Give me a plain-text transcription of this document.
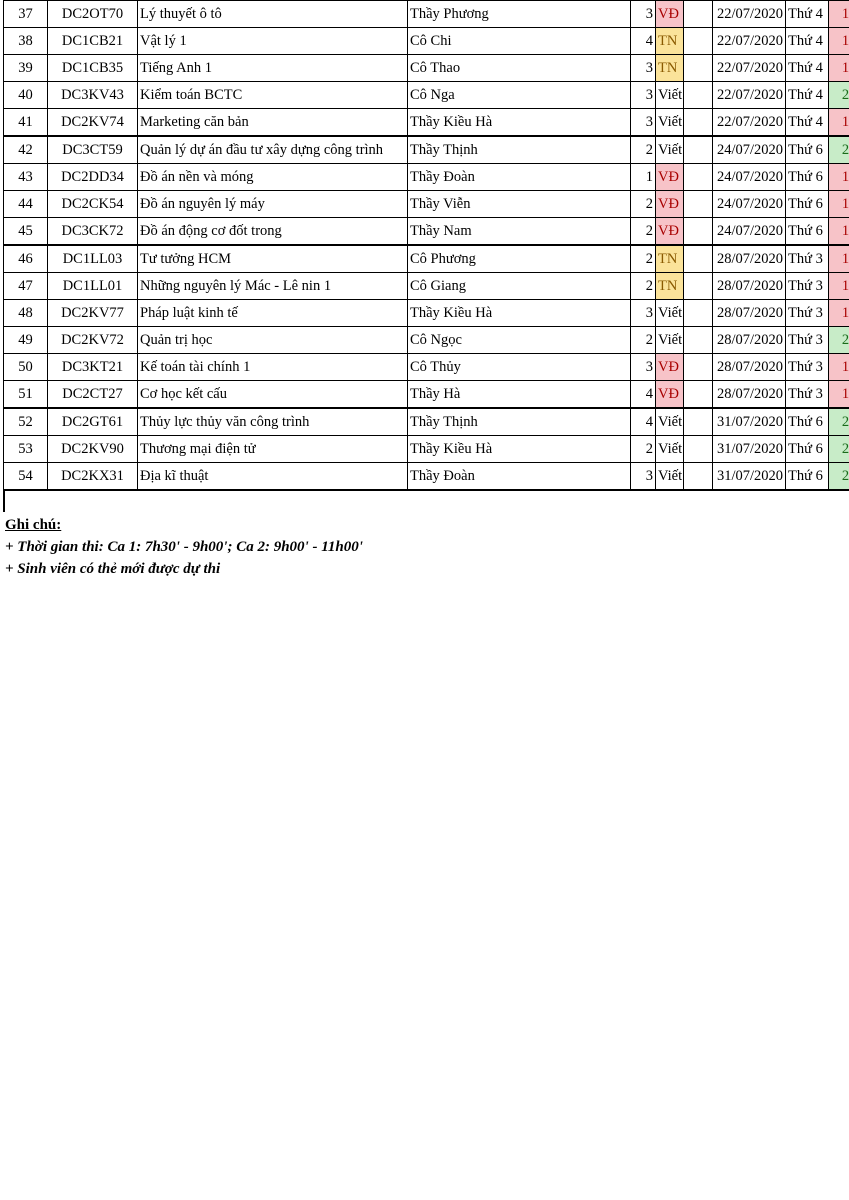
37	DC2OT70	Lý thuyết ô tô	Thầy Phương	3	VĐ		22/07/2020	Thứ 4	1
38	DC1CB21	Vật lý 1	Cô Chi	4	TN		22/07/2020	Thứ 4	1
39	DC1CB35	Tiếng Anh 1	Cô Thao	3	TN		22/07/2020	Thứ 4	1
40	DC3KV43	Kiểm toán BCTC	Cô Nga	3	Viết		22/07/2020	Thứ 4	2
41	DC2KV74	Marketing căn bản	Thầy Kiều Hà	3	Viết		22/07/2020	Thứ 4	1
42	DC3CT59	Quản lý dự án đầu tư xây dựng công trình	Thầy Thịnh	2	Viết		24/07/2020	Thứ 6	2
43	DC2DD34	Đồ án nền và móng	Thầy Đoàn	1	VĐ		24/07/2020	Thứ 6	1
44	DC2CK54	Đồ án nguyên lý máy	Thầy Viễn	2	VĐ		24/07/2020	Thứ 6	1
45	DC3CK72	Đồ án động cơ đốt trong	Thầy Nam	2	VĐ		24/07/2020	Thứ 6	1
46	DC1LL03	Tư tưởng HCM	Cô Phương	2	TN		28/07/2020	Thứ 3	1
47	DC1LL01	Những nguyên lý Mác - Lê nin 1	Cô Giang	2	TN		28/07/2020	Thứ 3	1
48	DC2KV77	Pháp luật kinh tế	Thầy Kiều Hà	3	Viết		28/07/2020	Thứ 3	1
49	DC2KV72	Quản trị học	Cô Ngọc	2	Viết		28/07/2020	Thứ 3	2
50	DC3KT21	Kế toán tài chính 1	Cô Thủy	3	VĐ		28/07/2020	Thứ 3	1
51	DC2CT27	Cơ học kết cấu	Thầy Hà	4	VĐ		28/07/2020	Thứ 3	1
52	DC2GT61	Thủy lực thủy văn công trình	Thầy Thịnh	4	Viết		31/07/2020	Thứ 6	2
53	DC2KV90	Thương mại điện tử	Thầy Kiều Hà	2	Viết		31/07/2020	Thứ 6	2
54	DC2KX31	Địa kĩ thuật	Thầy Đoàn	3	Viết		31/07/2020	Thứ 6	2
Ghi chú:
+ Thời gian thi: Ca 1: 7h30' - 9h00'; Ca 2: 9h00' - 11h00'
+ Sinh viên có thẻ mới được dự thi
